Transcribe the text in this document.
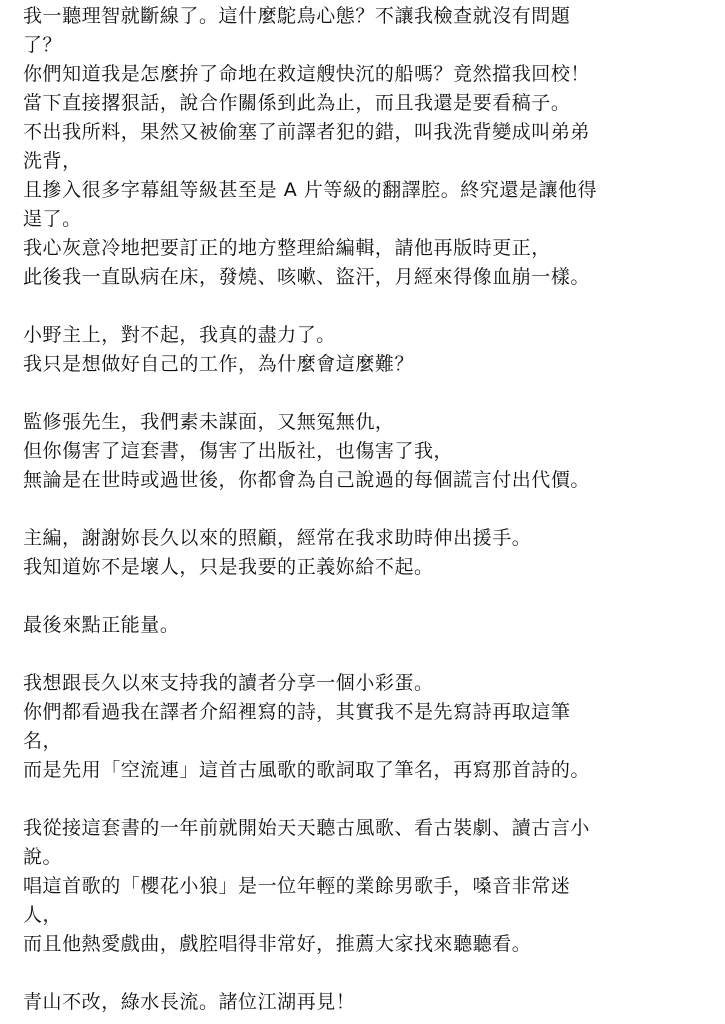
我一聽理智就斷線了。這什麼鴕鳥心態？不讓我檢查就沒有問題
了？
你們知道我是怎麼拚了命地在救這艘快沉的船嗎？竟然擋我回校！
當下直接撂狠話，說合作關係到此為止，而且我還是要看稿子。
不出我所料，果然又被偷塞了前譯者犯的錯，叫我洗背變成叫弟弟
洗背，
且摻入很多字幕組等級甚至是 A 片等級的翻譯腔。終究還是讓他得
逞了。
我心灰意冷地把要訂正的地方整理給編輯，請他再版時更正，
此後我一直臥病在床，發燒、咳嗽、盜汗，月經來得像血崩一樣。
小野主上，對不起，我真的盡力了。
我只是想做好自己的工作，為什麼會這麼難？
監修張先生，我們素未謀面，又無冤無仇，
但你傷害了這套書，傷害了出版社，也傷害了我，
無論是在世時或過世後，你都會為自己說過的每個謊言付出代價。
主編，謝謝妳長久以來的照顧，經常在我求助時伸出援手。
我知道妳不是壞人，只是我要的正義妳給不起。
最後來點正能量。
我想跟長久以來支持我的讀者分享一個小彩蛋。
你們都看過我在譯者介紹裡寫的詩，其實我不是先寫詩再取這筆
名，
而是先用「空流連」這首古風歌的歌詞取了筆名，再寫那首詩的。
我從接這套書的一年前就開始天天聽古風歌、看古裝劇、讀古言小
說。
唱這首歌的「櫻花小狼」是一位年輕的業餘男歌手，嗓音非常迷
人，
而且他熱愛戲曲，戲腔唱得非常好，推薦大家找來聽聽看。
青山不改，綠水長流。諸位江湖再見！
